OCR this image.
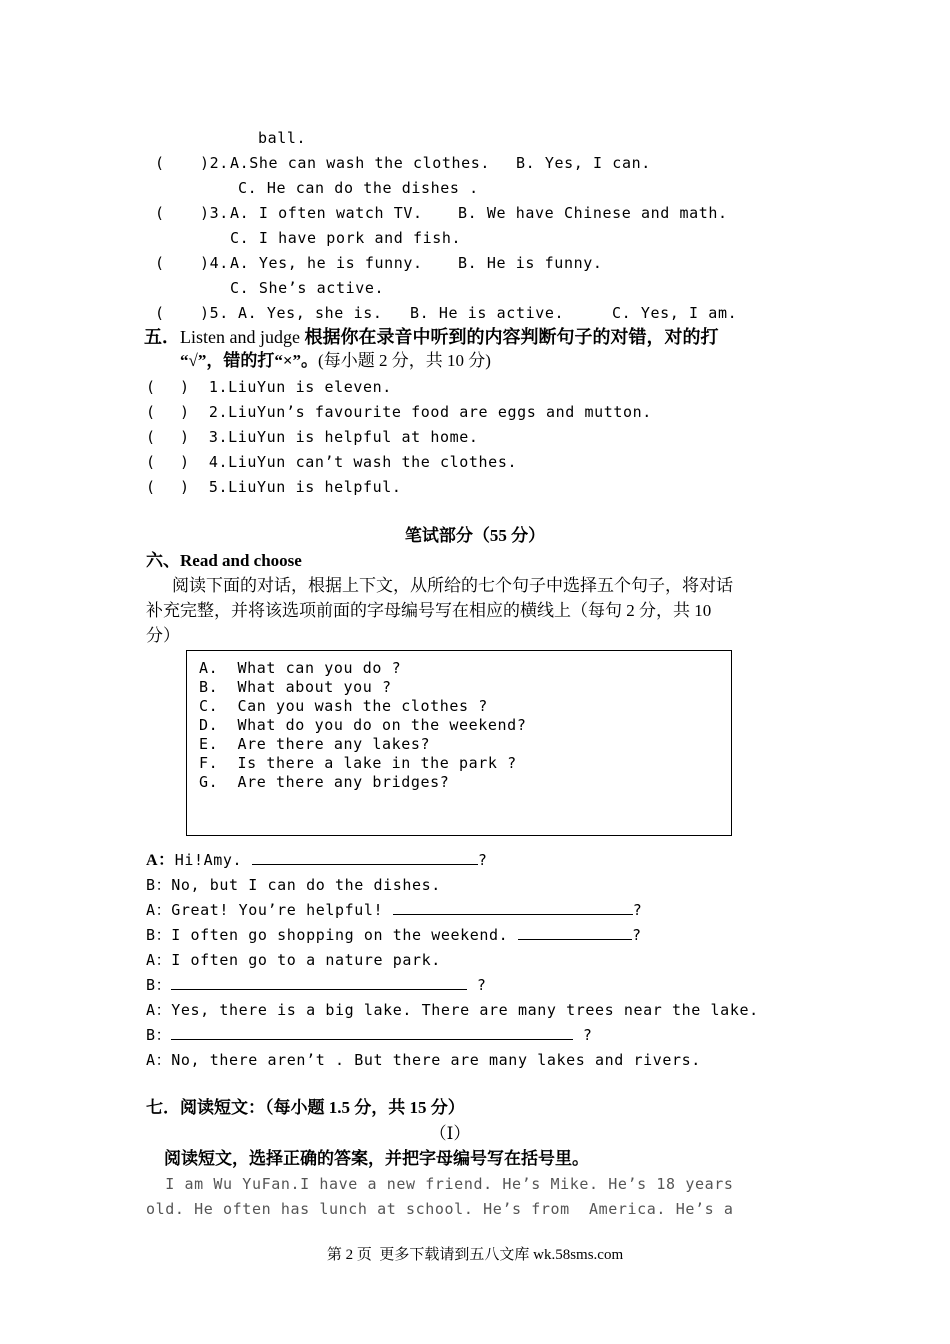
ball.
( )2. A.She can wash the clothes. B. Yes, I can.
C. He can do the dishes .
( )3. A. I often watch TV. B. We have Chinese and math.
C. I have pork and fish.
( )4. A. Yes, he is funny. B. He is funny.
C. She’s active.
( )5. A. Yes, she is. B. He is active.	C. Yes, I am.
五．Listen and judge 根据你在录音中听到的内容判断句子的对错，对的打
“√”，错的打“×”。(每小题 2 分，共 10 分)
( )  1.LiuYun is eleven.
( )  2.LiuYun’s favourite food are eggs and mutton.
( )  3.LiuYun is helpful at home.
( )  4.LiuYun can’t wash the clothes.
( )  5.LiuYun is helpful.
笔试部分（55 分）
六、Read and choose
阅读下面的对话，根据上下文，从所给的七个句子中选择五个句子，将对话
补充完整，并将该选项前面的字母编号写在相应的横线上（每句 2 分，共 10
分）
A.  What can you do ?
B.  What about you ?
C.  Can you wash the clothes ?
D.  What do you do on the weekend?
E.  Are there any lakes?
F.  Is there a lake in the park ?
G.  Are there any bridges?
A：Hi!Amy.	?
B：No, but I can do the dishes.
A：Great! You’re helpful!	?
B：I often go shopping on the weekend.	?
A：I often go to a nature park.
B：	?
A：Yes, there is a big lake. There are many trees near the lake.
B：	?
A：No, there aren’t . But there are many lakes and rivers.
七．阅读短文：（每小题 1.5 分，共 15 分）
（Ⅰ）
阅读短文，选择正确的答案，并把字母编号写在括号里。
I am Wu YuFan.I have a new friend. He’s Mike. He’s 18 years
old. He often has lunch at school. He’s from  America. He’s a
第 2 页  更多下载请到五八文库 wk.58sms.com
